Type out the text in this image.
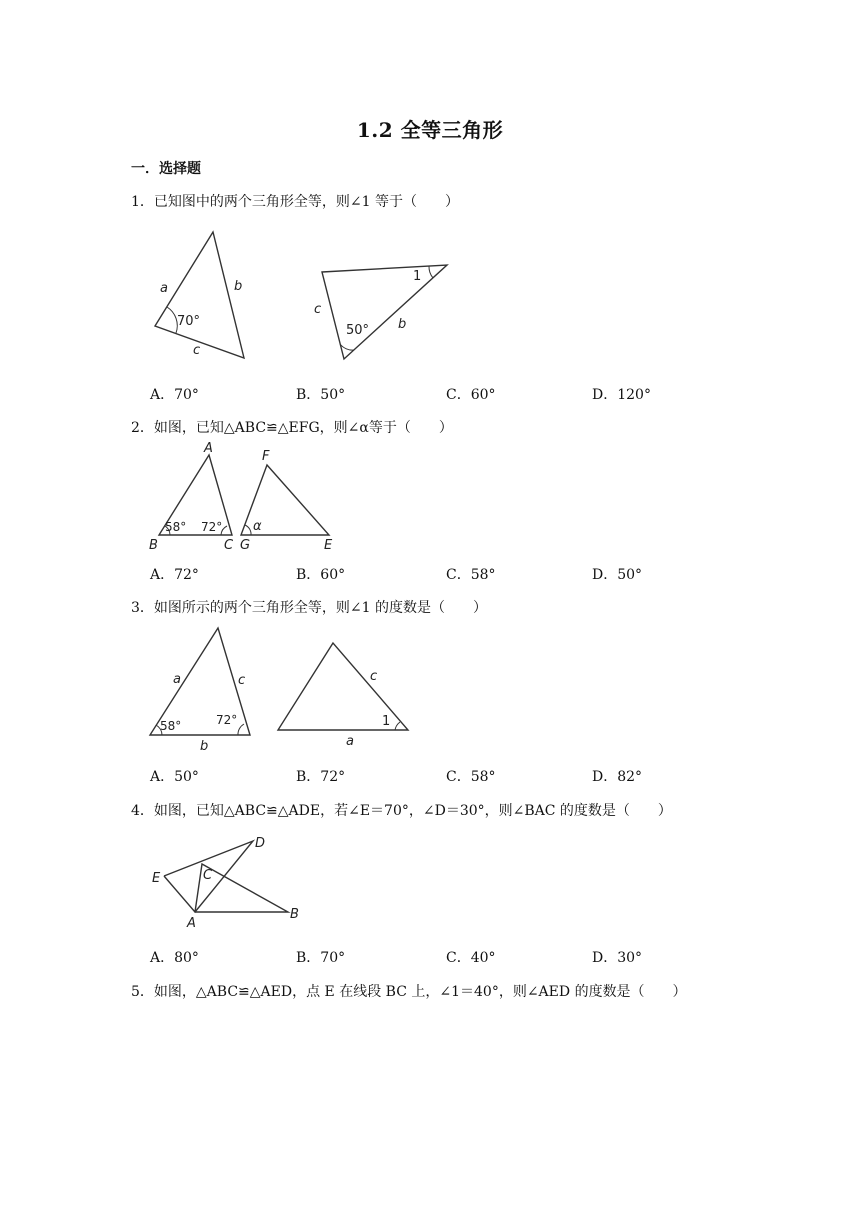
1.2 全等三角形
一．选择题
1．已知图中的两个三角形全等，则∠1 等于（　　）
a	b
c
70°
c
b
50°
1
A．70°	B．50°	C．60°	D．120°
2．如图，已知△ABC≌△EFG，则∠α等于（　　）
A
B	C
58° 72°
F
G	E
α
A．72°	B．60°	C．58°	D．50°
3．如图所示的两个三角形全等，则∠1 的度数是（　　）
a	c
b
58°	72°
c
a
1
A．50°	B．72°	C．58°	D．82°
4．如图，已知△ABC≌△ADE，若∠E＝70°，∠D＝30°，则∠BAC 的度数是（　　）
D
E	C
A
B
A．80°	B．70°	C．40°	D．30°
5．如图，△ABC≌△AED，点 E 在线段 BC 上，∠1＝40°，则∠AED 的度数是（　　）
